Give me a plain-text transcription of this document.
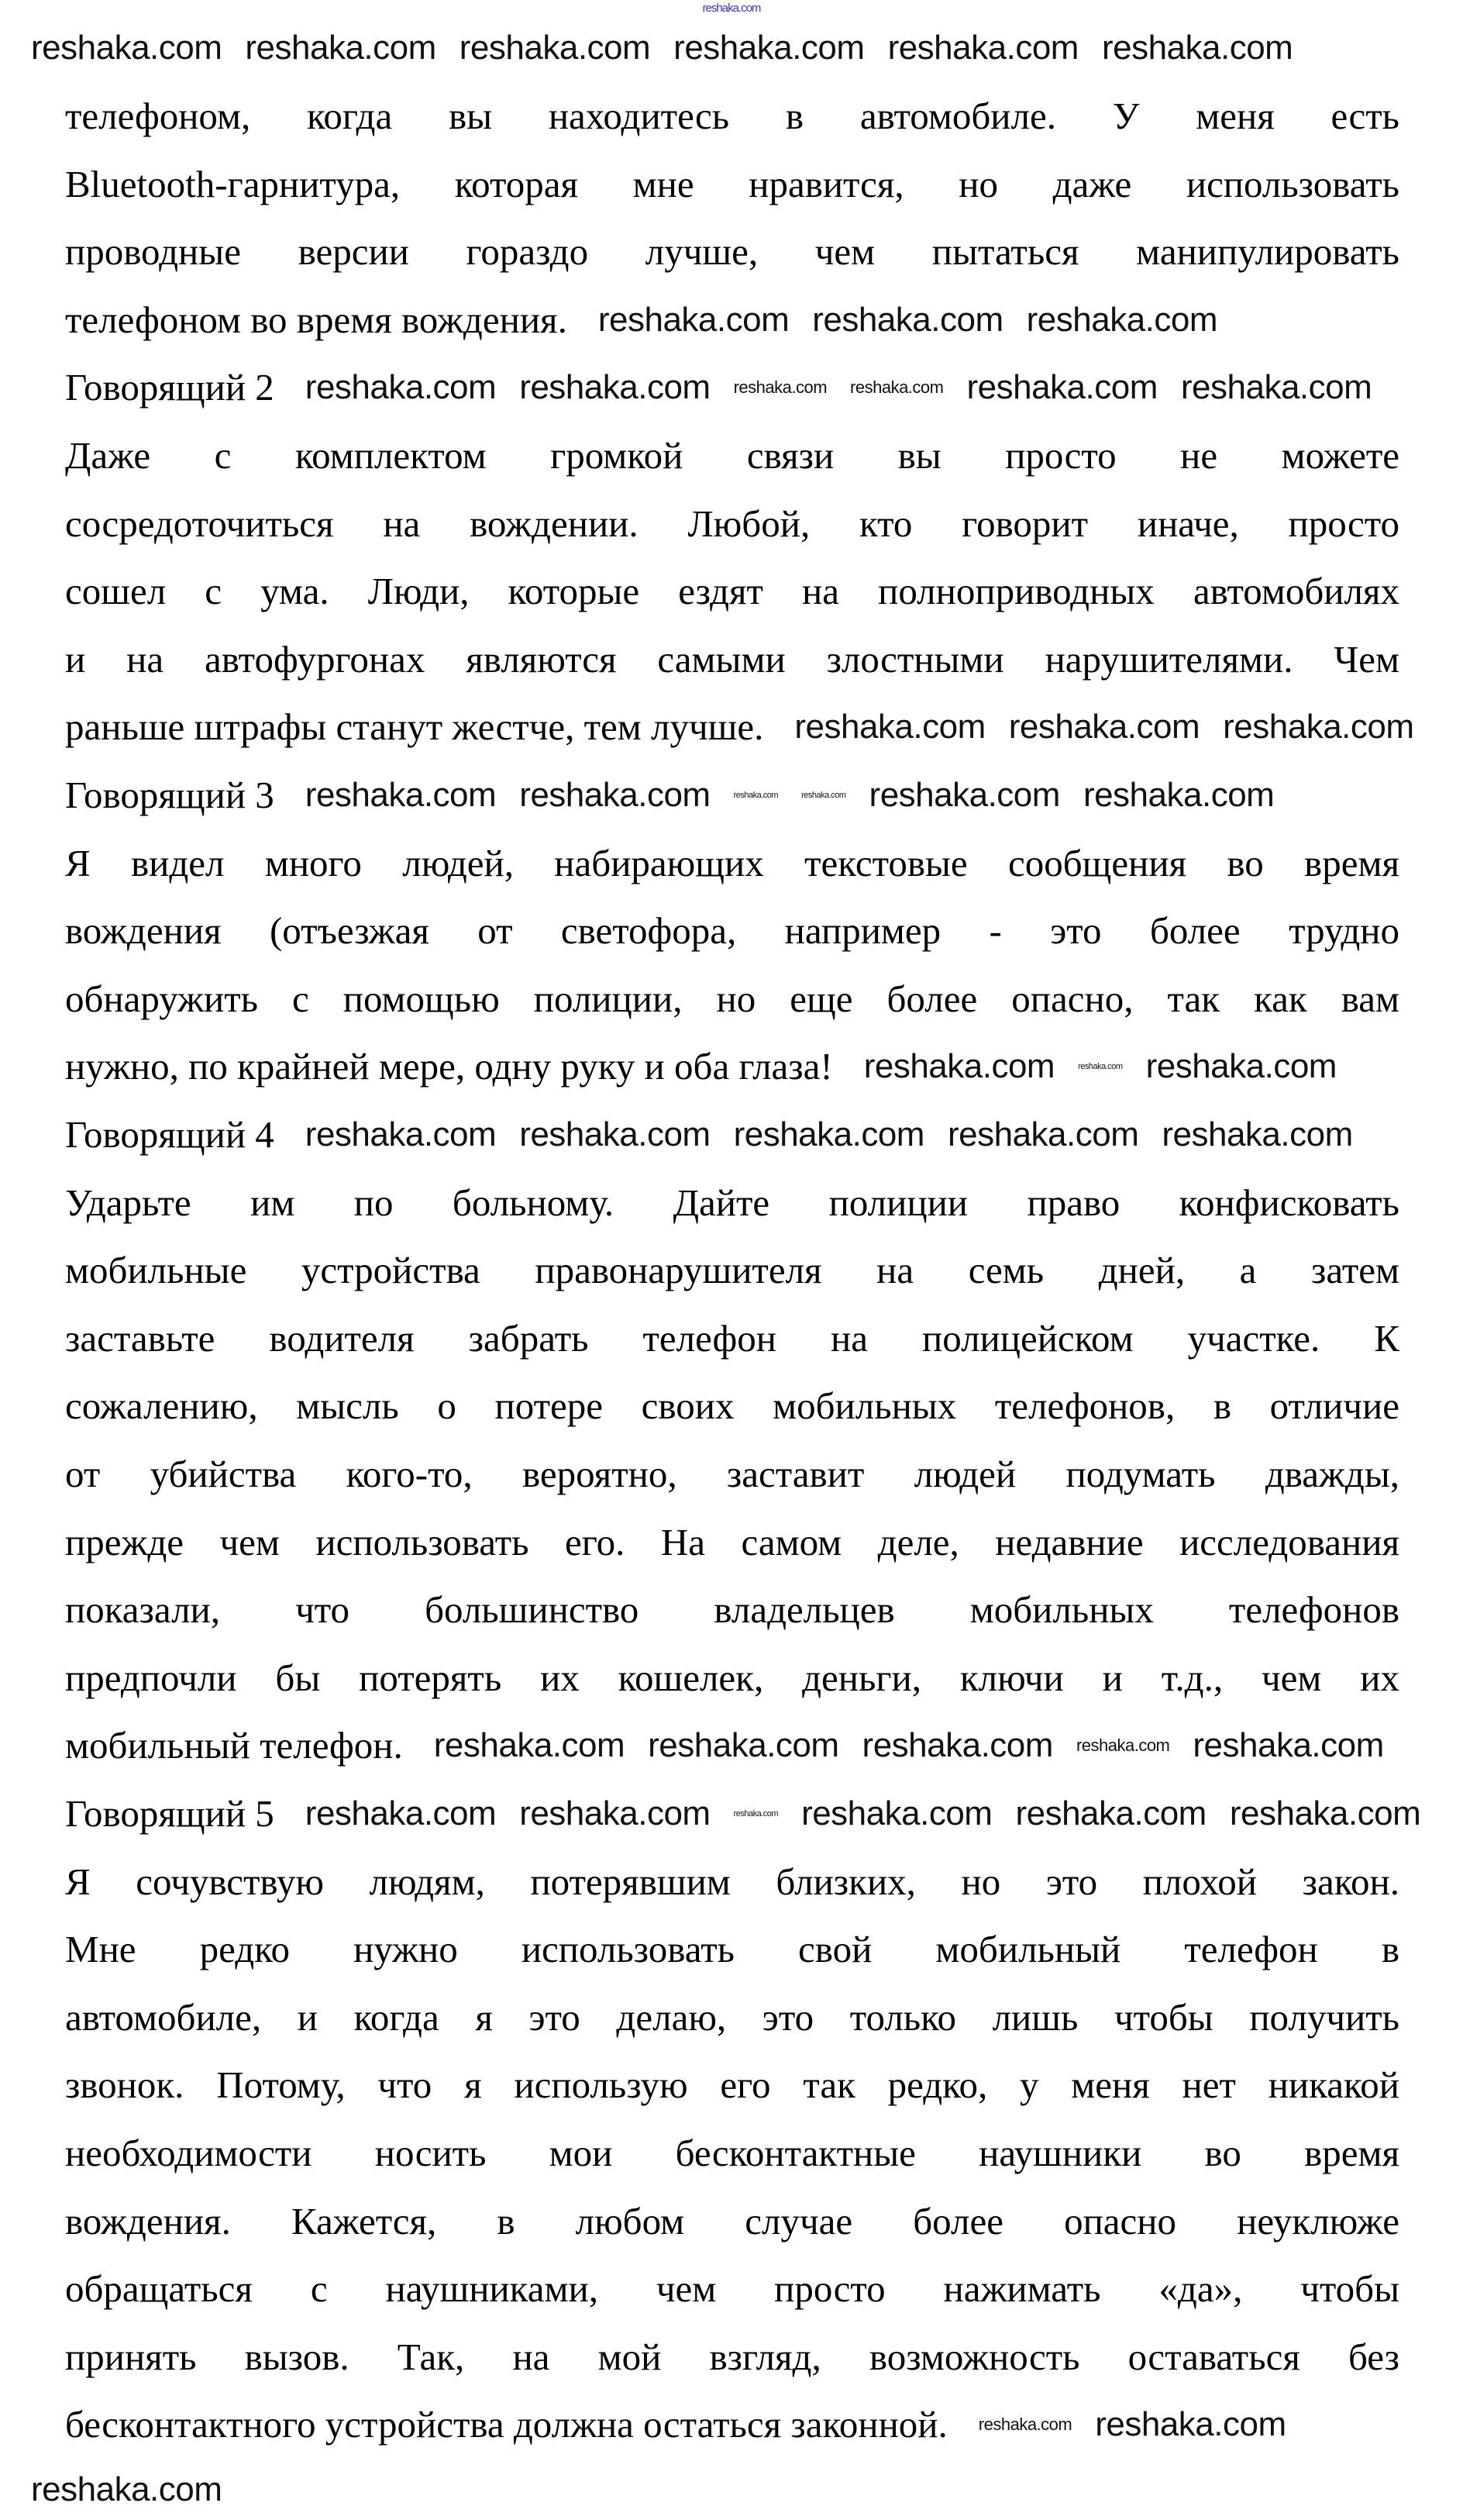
reshaka.com
телефоном, когда вы находитесь в автомобиле. У меня есть
Bluetooth-гарнитура, которая мне нравится, но даже использовать
проводные версии гораздо лучше, чем пытаться манипулировать
телефоном во время вождения.
Говорящий 2
Даже с комплектом громкой связи вы просто не можете
сосредоточиться на вождении. Любой, кто говорит иначе, просто
сошел с ума. Люди, которые ездят на полноприводных автомобилях
и на автофургонах являются самыми злостными нарушителями. Чем
раньше штрафы станут жестче, тем лучше.
Говорящий 3
Я видел много людей, набирающих текстовые сообщения во время
вождения (отъезжая от светофора, например - это более трудно
обнаружить с помощью полиции, но еще более опасно, так как вам
нужно, по крайней мере, одну руку и оба глаза!
Говорящий 4
Ударьте им по больному. Дайте полиции право конфисковать
мобильные устройства правонарушителя на семь дней, а затем
заставьте водителя забрать телефон на полицейском участке. К
сожалению, мысль о потере своих мобильных телефонов, в отличие
от убийства кого-то, вероятно, заставит людей подумать дважды,
прежде чем использовать его. На самом деле, недавние исследования
показали, что большинство владельцев мобильных телефонов
предпочли бы потерять их кошелек, деньги, ключи и т.д., чем их
мобильный телефон.
Говорящий 5
Я сочувствую людям, потерявшим близких, но это плохой закон.
Мне редко нужно использовать свой мобильный телефон в
автомобиле, и когда я это делаю, это только лишь чтобы получить
звонок. Потому, что я использую его так редко, у меня нет никакой
необходимости носить мои бесконтактные наушники во время
вождения. Кажется, в любом случае более опасно неуклюже
обращаться с наушниками, чем просто нажимать «да», чтобы
принять вызов. Так, на мой взгляд, возможность оставаться без
бесконтактного устройства должна остаться законной.
reshaka.com reshaka.com reshaka.com reshaka.com reshaka.com reshaka.com
reshaka.com reshaka.com reshaka.com
reshaka.com reshaka.com reshaka.com reshaka.com reshaka.com reshaka.com
reshaka.com reshaka.com reshaka.com
reshaka.com reshaka.com	reshaka.com	reshaka.com reshaka.com reshaka.com
reshaka.com	reshaka.com reshaka.com
reshaka.com reshaka.com reshaka.com reshaka.com reshaka.com
reshaka.com reshaka.com reshaka.com reshaka.com reshaka.com
reshaka.com reshaka.com	reshaka.com reshaka.com reshaka.com reshaka.com
reshaka.com reshaka.com
reshaka.com
